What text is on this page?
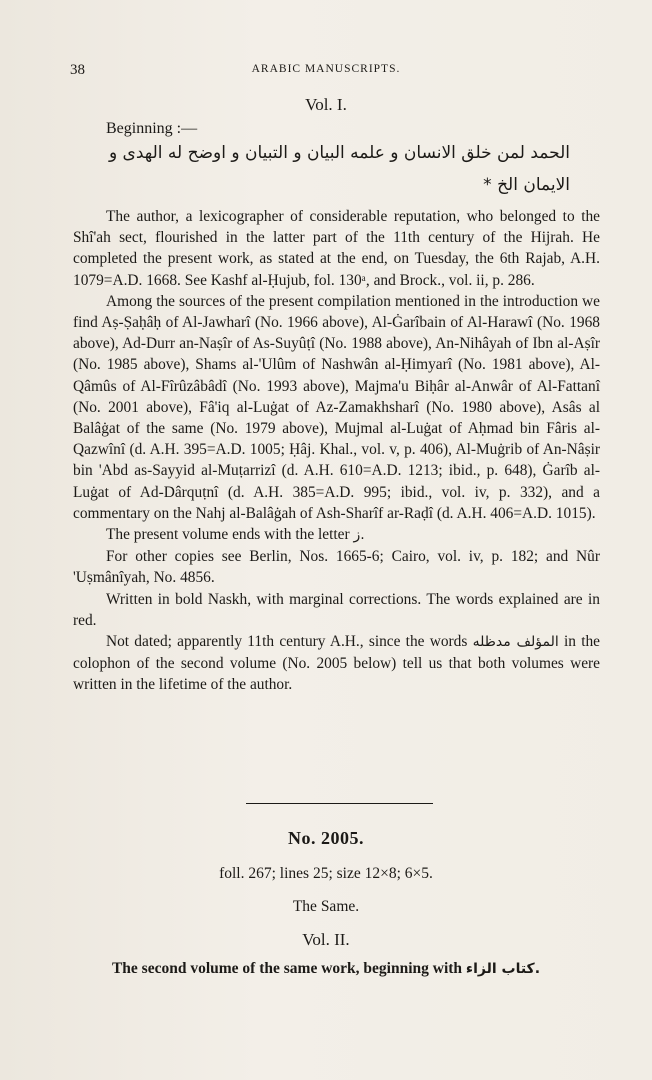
38	ARABIC MANUSCRIPTS.
Vol. I.
Beginning :—
الحمد لمن خلق الانسان و علمه البيان و التبيان و اوضح له الهدى و
الايمان الخ *

The author, a lexicographer of considerable reputation, who belonged to the Shî'ah sect, flourished in the latter part of the 11th century of the Hijrah. He completed the present work, as stated at the end, on Tuesday, the 6th Rajab, A.H. 1079=A.D. 1668. See Kashf al-Ḥujub, fol. 130ᵃ, and Brock., vol. ii, p. 286.

Among the sources of the present compilation mentioned in the introduction we find Aṣ-Ṣaḥâḥ of Al-Jawharî (No. 1966 above), Al-Ġarîbain of Al-Harawî (No. 1968 above), Ad-Durr an-Naṣîr of As-Suyûṭî (No. 1988 above), An-Nihâyah of Ibn al-Aṣîr (No. 1985 above), Shams al-'Ulûm of Nashwân al-Ḥimyarî (No. 1981 above), Al-Qâmûs of Al-Fîrûzâbâdî (No. 1993 above), Majma'u Biḥâr al-Anwâr of Al-Fattanî (No. 2001 above), Fâ'iq al-Luġat of Az-Zamakhsharî (No. 1980 above), Asâs al Balâġat of the same (No. 1979 above), Mujmal al-Luġat of Aḥmad bin Fâris al-Qazwînî (d. A.H. 395=A.D. 1005; Ḥâj. Khal., vol. v, p. 406), Al-Muġrib of An-Nâṣir bin 'Abd as-Sayyid al-Muṭarrizî (d. A.H. 610=A.D. 1213; ibid., p. 648), Ġarîb al-Luġat of Ad-Dârquṭnî (d. A.H. 385=A.D. 995; ibid., vol. iv, p. 332), and a commentary on the Nahj al-Balâġah of Ash-Sharîf ar-Raḍî (d. A.H. 406=A.D. 1015).

The present volume ends with the letter ز.

For other copies see Berlin, Nos. 1665-6; Cairo, vol. iv, p. 182; and Nûr 'Uṣmânîyah, No. 4856.

Written in bold Naskh, with marginal corrections. The words explained are in red.

Not dated; apparently 11th century A.H., since the words المؤلف مدظله in the colophon of the second volume (No. 2005 below) tell us that both volumes were written in the lifetime of the author.

No. 2005.
foll. 267; lines 25; size 12×8; 6×5.
The Same.
Vol. II.
The second volume of the same work, beginning with كتاب الزاء.
